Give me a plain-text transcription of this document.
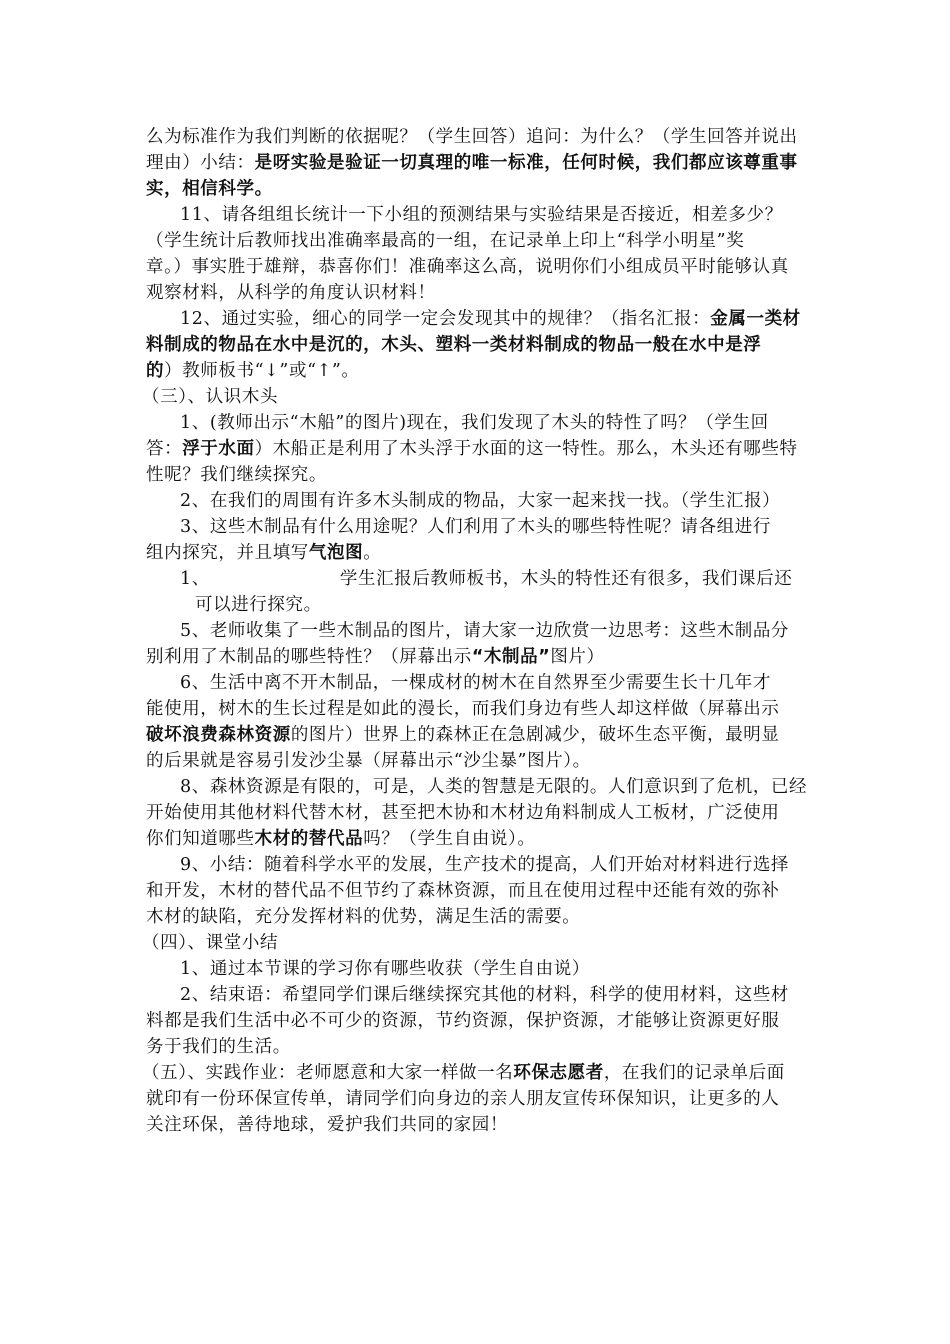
么为标准作为我们判断的依据呢？（学生回答）追问：为什么？（学生回答并说出
理由）小结：是呀实验是验证一切真理的唯一标准，任何时候，我们都应该尊重事
实，相信科学。
11、请各组组长统计一下小组的预测结果与实验结果是否接近，相差多少？
（学生统计后教师找出准确率最高的一组，在记录单上印上“科学小明星”奖
章。）事实胜于雄辩，恭喜你们！准确率这么高，说明你们小组成员平时能够认真
观察材料，从科学的角度认识材料！
12、通过实验，细心的同学一定会发现其中的规律？（指名汇报：金属一类材
料制成的物品在水中是沉的，木头、塑料一类材料制成的物品一般在水中是浮
的）教师板书“↓”或“↑”。
（三）、认识木头
1、(教师出示“木船”的图片)现在，我们发现了木头的特性了吗？（学生回
答：浮于水面）木船正是利用了木头浮于水面的这一特性。那么，木头还有哪些特
性呢？我们继续探究。
2、在我们的周围有许多木头制成的物品，大家一起来找一找。（学生汇报）
3、这些木制品有什么用途呢？人们利用了木头的哪些特性呢？请各组进行
组内探究，并且填写气泡图。
1、	学生汇报后教师板书，木头的特性还有很多，我们课后还
可以进行探究。
5、老师收集了一些木制品的图片，请大家一边欣赏一边思考：这些木制品分
别利用了木制品的哪些特性？（屏幕出示“木制品”图片）
6、生活中离不开木制品，一棵成材的树木在自然界至少需要生长十几年才
能使用，树木的生长过程是如此的漫长，而我们身边有些人却这样做（屏幕出示
破坏浪费森林资源的图片）世界上的森林正在急剧减少，破坏生态平衡，最明显
的后果就是容易引发沙尘暴（屏幕出示“沙尘暴”图片）。
8、森林资源是有限的，可是，人类的智慧是无限的。人们意识到了危机，已经
开始使用其他材料代替木材，甚至把木协和木材边角料制成人工板材，广泛使用
你们知道哪些木材的替代品吗？（学生自由说）。
9、小结：随着科学水平的发展，生产技术的提高，人们开始对材料进行选择
和开发，木材的替代品不但节约了森林资源，而且在使用过程中还能有效的弥补
木材的缺陷，充分发挥材料的优势，满足生活的需要。
（四）、课堂小结
1、通过本节课的学习你有哪些收获（学生自由说）
2、结束语：希望同学们课后继续探究其他的材料，科学的使用材料，这些材
料都是我们生活中必不可少的资源，节约资源，保护资源，才能够让资源更好服
务于我们的生活。
（五）、实践作业：老师愿意和大家一样做一名环保志愿者，在我们的记录单后面
就印有一份环保宣传单，请同学们向身边的亲人朋友宣传环保知识，让更多的人
关注环保，善待地球，爱护我们共同的家园！
